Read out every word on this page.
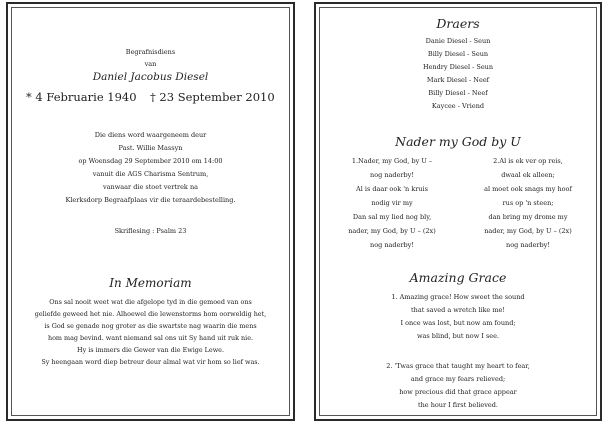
Begrafnisdiens
van
Daniel Jacobus Diesel
* 4 Februarie 1940 † 23 September 2010
Die diens word waargeneem deur
Past. Willie Massyn
op Woensdag 29 September 2010 om 14:00
vanuit die AGS Charisma Sentrum,
vanwaar die stoet vertrek na
Klerksdorp Begraafplaas vir die teraardebestelling.
Skriflesing : Psalm 23
In Memoriam
Ons sal nooit weet wat die afgelope tyd in die gemoed van ons
geliefde geweed het nie. Alhoewel die lewenstorms hom oorweldig het,
is God se genade nog groter as die swartste nag waarin die mens
hom mag bevind. want niemand sal ons uit Sy hand uit ruk nie.
Hy is immers die Gewer van die Ewige Lewe.
Sy heengaan word diep betreur deur almal wat vir hom so lief was.
Draers
Danie Diesel - Seun
Billy Diesel - Seun
Hendry Diesel - Seun
Mark Diesel - Neef
Billy Diesel - Neef
Kaycee - Vriend
Nader my God by U
1.Nader, my God, by U –
nog naderby!
Al is daar ook 'n kruis
nodig vir my
Dan sal my lied nog bly,
nader, my God, by U – (2x)
nog naderby!
2.Al is ek ver op reis,
dwaal ek alleen;
al moet ook snags my hoof
rus op 'n steen;
dan bring my drome my
nader, my God, by U – (2x)
nog naderby!
Amazing Grace
1. Amazing grace! How sweet the sound
that saved a wretch like me!
I once was lost, but now am found;
was blind, but now I see.
2. 'Twas grace that taught my heart to fear,
and grace my fears relieved;
how precious did that grace appear
the hour I first believed.
